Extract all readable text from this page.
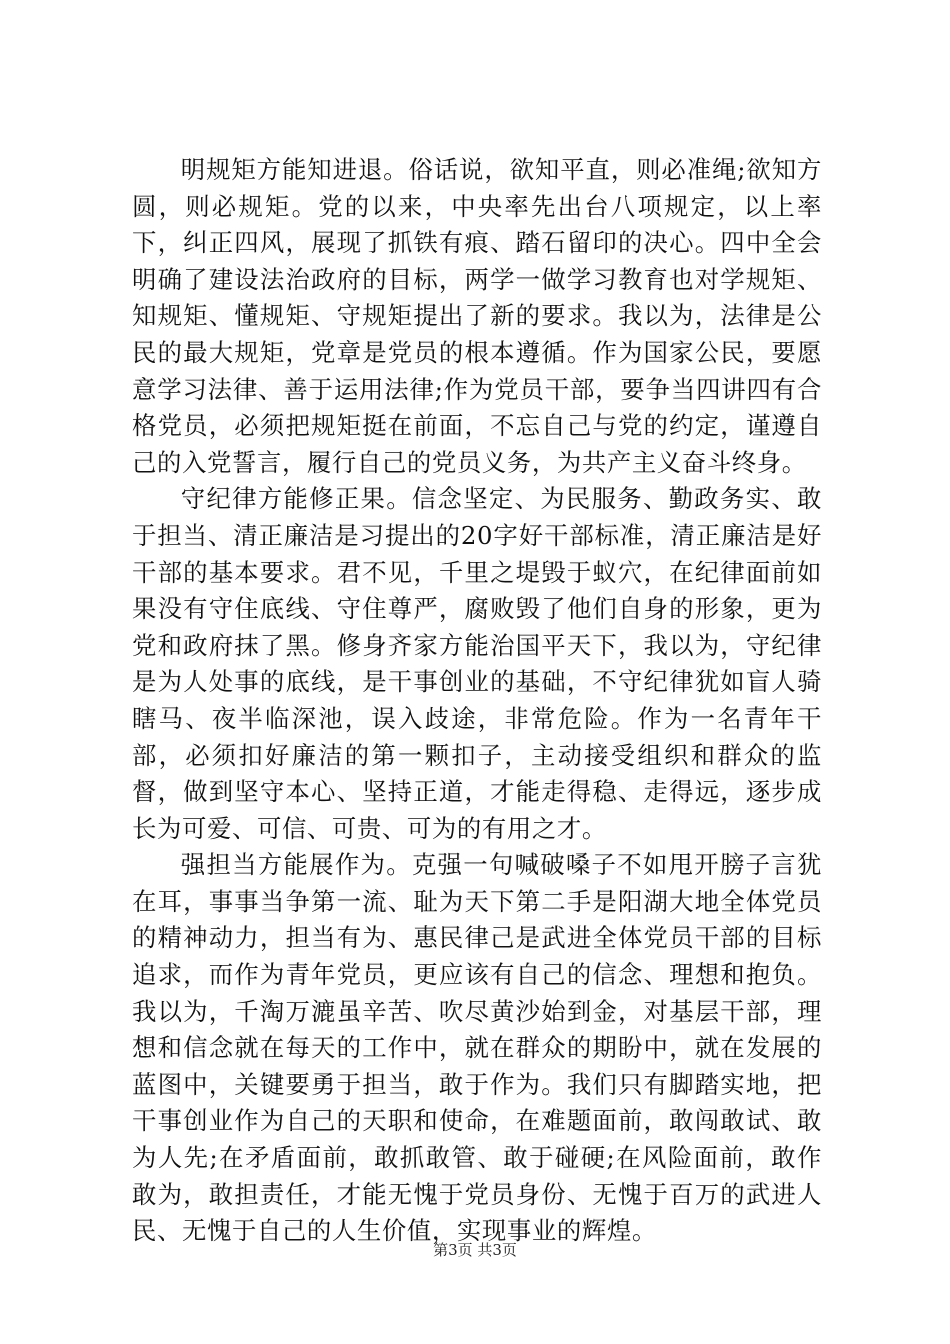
明规矩方能知进退。俗话说，欲知平直，则必准绳;欲知方圆，则必规矩。党的以来，中央率先出台八项规定，以上率下，纠正四风，展现了抓铁有痕、踏石留印的决心。四中全会明确了建设法治政府的目标，两学一做学习教育也对学规矩、知规矩、懂规矩、守规矩提出了新的要求。我以为，法律是公民的最大规矩，党章是党员的根本遵循。作为国家公民，要愿意学习法律、善于运用法律;作为党员干部，要争当四讲四有合格党员，必须把规矩挺在前面，不忘自己与党的约定，谨遵自己的入党誓言，履行自己的党员义务，为共产主义奋斗终身。

守纪律方能修正果。信念坚定、为民服务、勤政务实、敢于担当、清正廉洁是习提出的20字好干部标准，清正廉洁是好干部的基本要求。君不见，千里之堤毁于蚁穴，在纪律面前如果没有守住底线、守住尊严，腐败毁了他们自身的形象，更为党和政府抹了黑。修身齐家方能治国平天下，我以为，守纪律是为人处事的底线，是干事创业的基础，不守纪律犹如盲人骑瞎马、夜半临深池，误入歧途，非常危险。作为一名青年干部，必须扣好廉洁的第一颗扣子，主动接受组织和群众的监督，做到坚守本心、坚持正道，才能走得稳、走得远，逐步成长为可爱、可信、可贵、可为的有用之才。

强担当方能展作为。克强一句喊破嗓子不如甩开膀子言犹在耳，事事当争第一流、耻为天下第二手是阳湖大地全体党员的精神动力，担当有为、惠民律己是武进全体党员干部的目标追求，而作为青年党员，更应该有自己的信念、理想和抱负。我以为，千淘万漉虽辛苦、吹尽黄沙始到金，对基层干部，理想和信念就在每天的工作中，就在群众的期盼中，就在发展的蓝图中，关键要勇于担当，敢于作为。我们只有脚踏实地，把干事创业作为自己的天职和使命，在难题面前，敢闯敢试、敢为人先;在矛盾面前，敢抓敢管、敢于碰硬;在风险面前，敢作敢为，敢担责任，才能无愧于党员身份、无愧于百万的武进人民、无愧于自己的人生价值，实现事业的辉煌。

第3页 共3页
